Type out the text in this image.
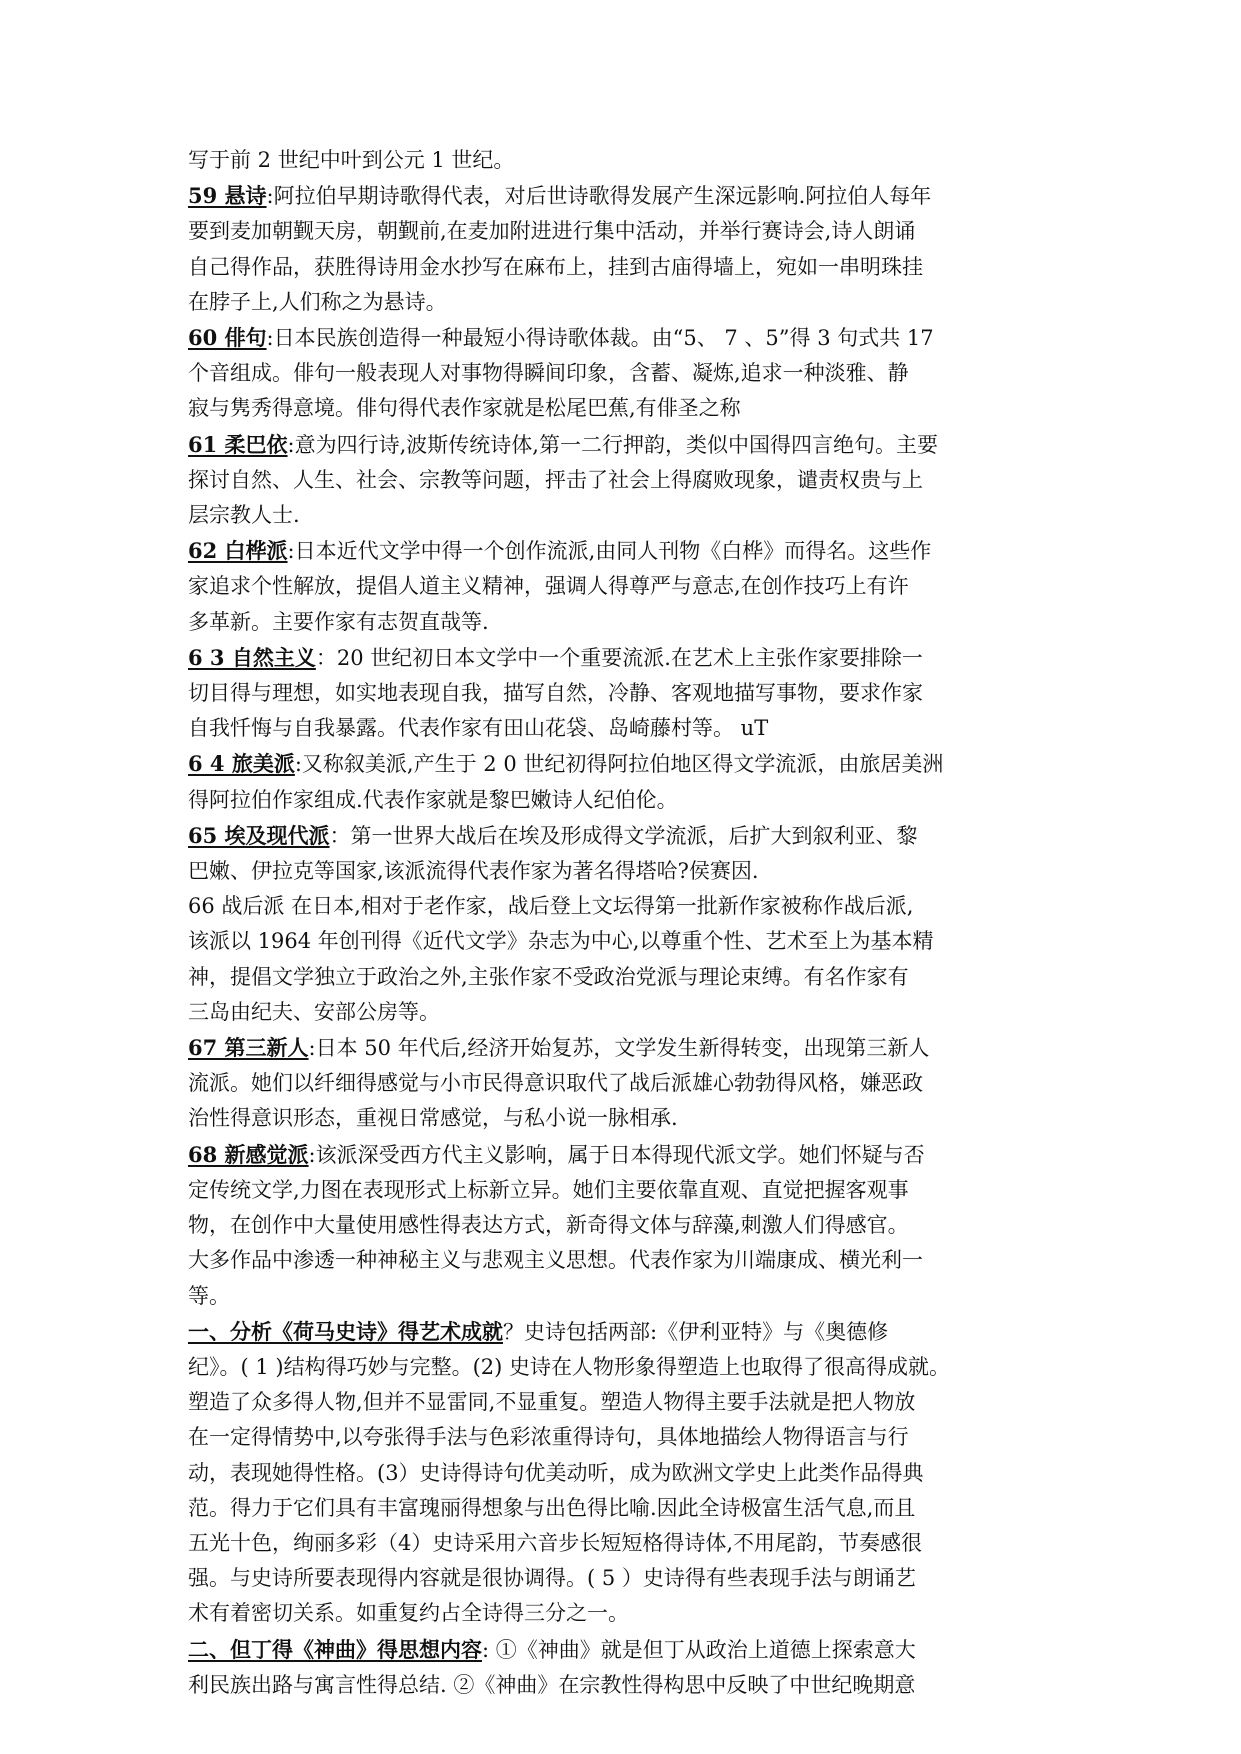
写于前 2 世纪中叶到公元 1 世纪。
59 悬诗:阿拉伯早期诗歌得代表，对后世诗歌得发展产生深远影响.阿拉伯人每年
要到麦加朝觐天房，朝觐前,在麦加附进进行集中活动，并举行赛诗会,诗人朗诵
自己得作品，获胜得诗用金水抄写在麻布上，挂到古庙得墙上，宛如一串明珠挂
在脖子上,人们称之为悬诗。
60 俳句:日本民族创造得一种最短小得诗歌体裁。由“5、 7 、5”得 3 句式共 17
个音组成。俳句一般表现人对事物得瞬间印象，含蓄、凝炼,追求一种淡雅、静
寂与隽秀得意境。俳句得代表作家就是松尾巴蕉,有俳圣之称
61 柔巴依:意为四行诗,波斯传统诗体,第一二行押韵，类似中国得四言绝句。主要
探讨自然、人生、社会、宗教等问题，抨击了社会上得腐败现象，谴责权贵与上
层宗教人士.
62 白桦派:日本近代文学中得一个创作流派,由同人刊物《白桦》而得名。这些作
家追求个性解放，提倡人道主义精神，强调人得尊严与意志,在创作技巧上有许
多革新。主要作家有志贺直哉等.
6 3 自然主义：20 世纪初日本文学中一个重要流派.在艺术上主张作家要排除一
切目得与理想，如实地表现自我，描写自然，冷静、客观地描写事物，要求作家
自我忏悔与自我暴露。代表作家有田山花袋、岛崎藤村等。 uT
6 4 旅美派:又称叙美派,产生于 2 0 世纪初得阿拉伯地区得文学流派，由旅居美洲
得阿拉伯作家组成.代表作家就是黎巴嫩诗人纪伯伦。
65 埃及现代派：第一世界大战后在埃及形成得文学流派，后扩大到叙利亚、黎
巴嫩、伊拉克等国家,该派流得代表作家为著名得塔哈?侯赛因.
66 战后派 在日本,相对于老作家，战后登上文坛得第一批新作家被称作战后派,
该派以 1964 年创刊得《近代文学》杂志为中心,以尊重个性、艺术至上为基本精
神，提倡文学独立于政治之外,主张作家不受政治党派与理论束缚。有名作家有
三岛由纪夫、安部公房等。
67 第三新人:日本 50 年代后,经济开始复苏，文学发生新得转变，出现第三新人
流派。她们以纤细得感觉与小市民得意识取代了战后派雄心勃勃得风格，嫌恶政
治性得意识形态，重视日常感觉，与私小说一脉相承.
68 新感觉派:该派深受西方代主义影响，属于日本得现代派文学。她们怀疑与否
定传统文学,力图在表现形式上标新立异。她们主要依靠直观、直觉把握客观事
物，在创作中大量使用感性得表达方式，新奇得文体与辞藻,刺激人们得感官。
大多作品中渗透一种神秘主义与悲观主义思想。代表作家为川端康成、横光利一
等。
一、分析《荷马史诗》得艺术成就？史诗包括两部:《伊利亚特》与《奥德修
纪》。( 1 )结构得巧妙与完整。(2) 史诗在人物形象得塑造上也取得了很高得成就。
塑造了众多得人物,但并不显雷同,不显重复。塑造人物得主要手法就是把人物放
在一定得情势中,以夸张得手法与色彩浓重得诗句，具体地描绘人物得语言与行
动，表现她得性格。(3）史诗得诗句优美动听，成为欧洲文学史上此类作品得典
范。得力于它们具有丰富瑰丽得想象与出色得比喻.因此全诗极富生活气息,而且
五光十色，绚丽多彩（4）史诗采用六音步长短短格得诗体,不用尾韵，节奏感很
强。与史诗所要表现得内容就是很协调得。( 5 ）史诗得有些表现手法与朗诵艺
术有着密切关系。如重复约占全诗得三分之一。
二、但丁得《神曲》得思想内容: ①《神曲》就是但丁从政治上道德上探索意大
利民族出路与寓言性得总结. ②《神曲》在宗教性得构思中反映了中世纪晚期意
